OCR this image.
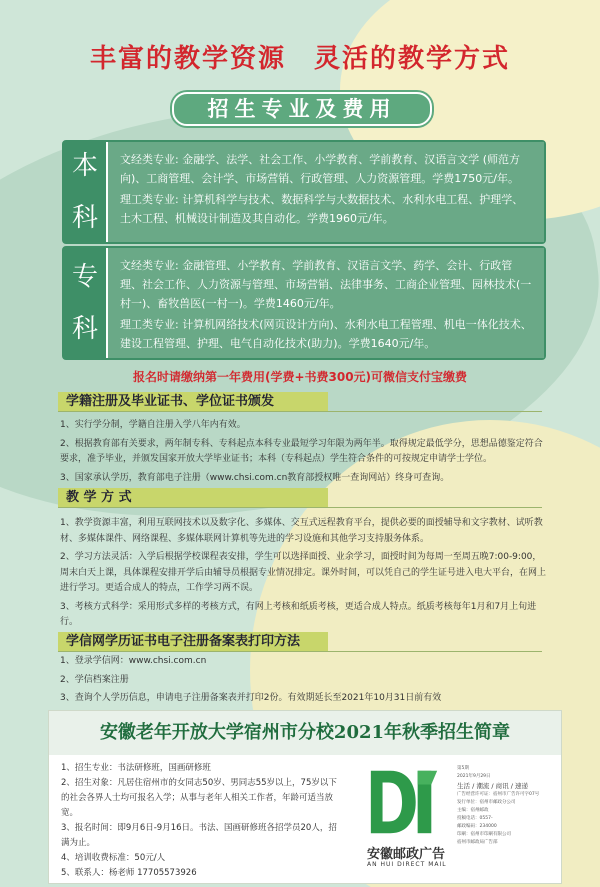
丰富的教学资源　灵活的教学方式
招生专业及费用
本
科

文经类专业: 金融学、法学、社会工作、小学教育、学前教育、汉语言文学 (师范方向)、工商管理、会计学、市场营销、行政管理、人力资源管理。学费1750元/年。

理工类专业: 计算机科学与技术、数据科学与大数据技术、水利水电工程、护理学、土木工程、机械设计制造及其自动化。学费1960元/年。

专
科

文经类专业: 金融管理、小学教育、学前教育、汉语言文学、药学、会计、行政管理、社会工作、人力资源与管理、市场营销、法律事务、工商企业管理、园林技术(一村一)、畜牧兽医(一村一)。学费1460元/年。

理工类专业: 计算机网络技术(网页设计方向)、水利水电工程管理、机电一体化技术、建设工程管理、护理、电气自动化技术(助力)。学费1640元/年。

报名时请缴纳第一年费用(学费+书费300元)可微信支付宝缴费
学籍注册及毕业证书、学位证书颁发
1、实行学分制，学籍自注册入学八年内有效。
2、根据教育部有关要求，两年制专科、专科起点本科专业最短学习年限为两年半。取得规定最低学分，思想品德鉴定符合要求，准予毕业，并颁发国家开放大学毕业证书；本科（专科起点）学生符合条件的可按规定申请学士学位。
3、国家承认学历，教育部电子注册（www.chsi.com.cn教育部授权唯一查询网站）终身可查询。
教 学 方 式
1、教学资源丰富，利用互联网技术以及数字化、多媒体、交互式远程教育平台，提供必要的面授辅导和文字教材、试听教材、多媒体课件、网络课程、多媒体联网计算机等先进的学习设施和其他学习支持服务体系。
2、学习方法灵活：入学后根据学校课程表安排，学生可以选择面授、业余学习，面授时间为每周一至周五晚7:00-9:00，周末白天上课，具体课程安排开学后由辅导员根据专业情况排定。课外时间，可以凭自己的学生证号进入电大平台，在网上进行学习。更适合成人的特点，工作学习两不误。
3、考核方式科学：采用形式多样的考核方式，有网上考核和纸质考核，更适合成人特点。纸质考核每年1月和7月上旬进行。
学信网学历证书电子注册备案表打印方法
1、登录学信网：www.chsi.com.cn
2、学信档案注册
3、查询个人学历信息，申请电子注册备案表并打印2份。有效期延长至2021年10月31日前有效
安徽老年开放大学宿州市分校2021年秋季招生简章
1、招生专业：书法研修班，国画研修班
2、招生对象：凡居住宿州市的女同志50岁、男同志55岁以上，75岁以下的社会各界人士均可报名入学；从事与老年人相关工作者，年龄可适当放宽。
3、报名时间：即9月6日-9月16日。书法、国画研修班各招学员20人，招满为止。
4、培训收费标准：50元/人
5、联系人：杨老师 17705573926
安徽邮政广告
AN HUI DIRECT MAIL
第5期
2021年9月29日
生活 / 潮流 / 商讯 / 速递
广告经营许可证：宿州市广告许可字07号
发行单位：宿州市邮政分公司
主编：宿州邮政
投稿电话：0557-
邮政编码：234000
印刷：宿州市印刷有限公司
宿州市邮政局广告部
